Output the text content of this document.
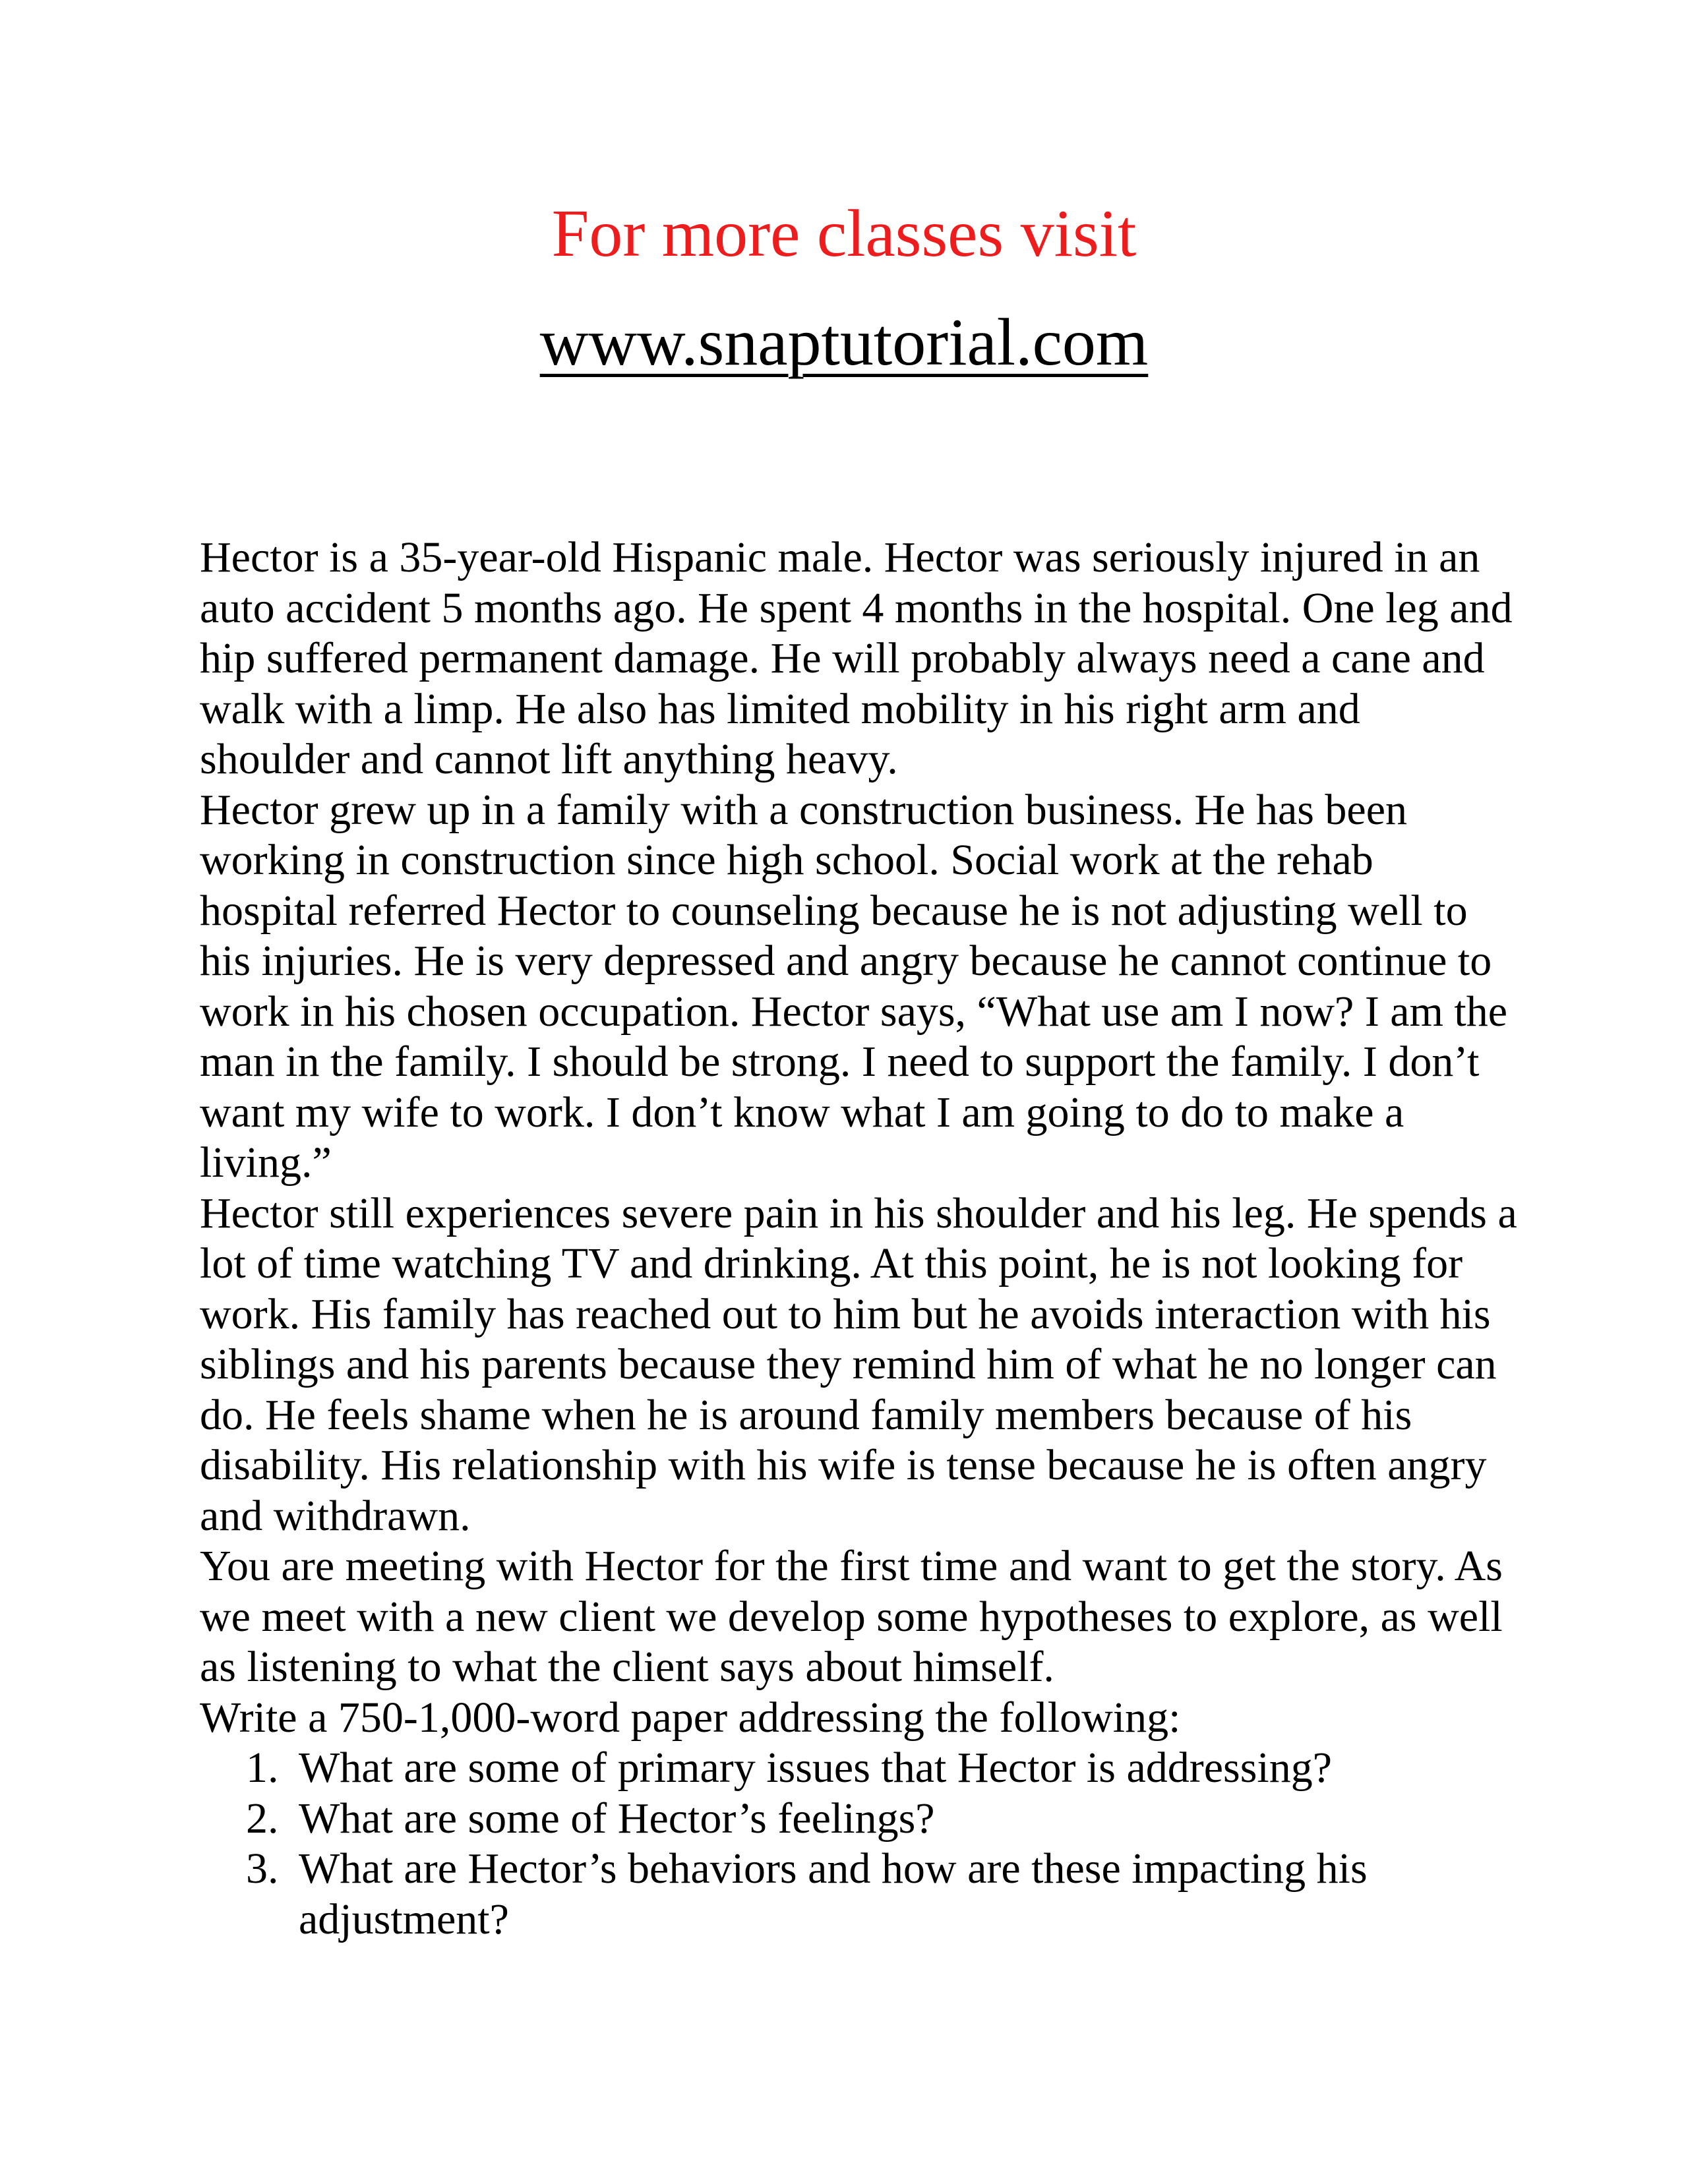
For more classes visit

www.snaptutorial.com

Hector is a 35-year-old Hispanic male. Hector was seriously injured in an auto accident 5 months ago. He spent 4 months in the hospital. One leg and hip suffered permanent damage. He will probably always need a cane and walk with a limp. He also has limited mobility in his right arm and shoulder and cannot lift anything heavy.

Hector grew up in a family with a construction business. He has been working in construction since high school. Social work at the rehab hospital referred Hector to counseling because he is not adjusting well to his injuries. He is very depressed and angry because he cannot continue to work in his chosen occupation. Hector says, “What use am I now? I am the man in the family. I should be strong. I need to support the family. I don’t want my wife to work. I don’t know what I am going to do to make a living.”

Hector still experiences severe pain in his shoulder and his leg. He spends a lot of time watching TV and drinking. At this point, he is not looking for work. His family has reached out to him but he avoids interaction with his siblings and his parents because they remind him of what he no longer can do. He feels shame when he is around family members because of his disability. His relationship with his wife is tense because he is often angry and withdrawn.

You are meeting with Hector for the first time and want to get the story. As we meet with a new client we develop some hypotheses to explore, as well as listening to what the client says about himself.

Write a 750-1,000-word paper addressing the following:

1. What are some of primary issues that Hector is addressing?
2. What are some of Hector’s feelings?
3. What are Hector’s behaviors and how are these impacting his adjustment?
